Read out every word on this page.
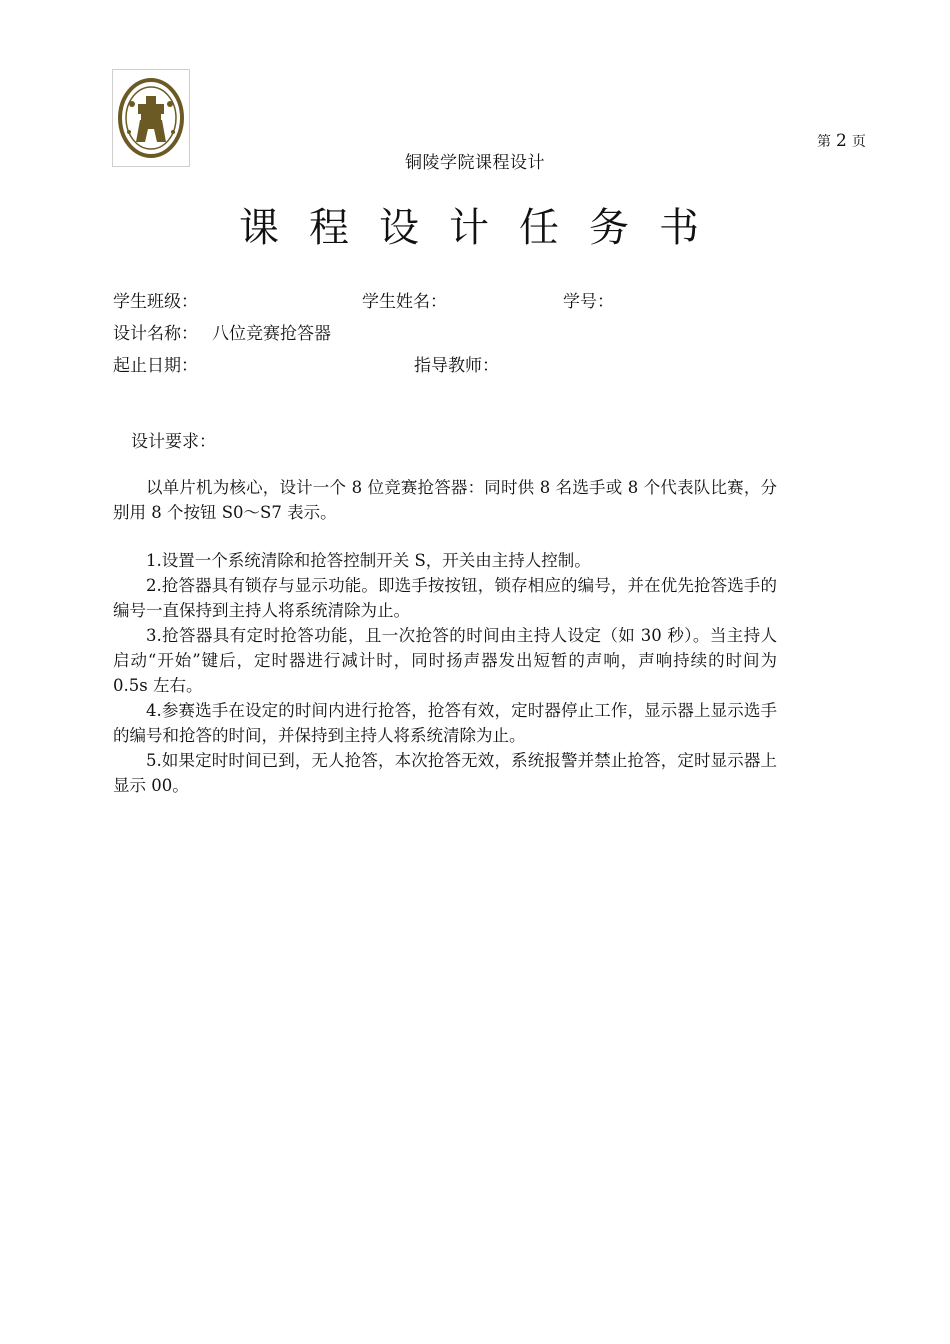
第 2 页
铜陵学院课程设计
课程设计任务书
学生班级：	学生姓名：	学号：
设计名称： 八位竞赛抢答器
起止日期：	指导教师：
设计要求：

以单片机为核心，设计一个 8 位竞赛抢答器：同时供 8 名选手或 8 个代表队比赛，分别用 8 个按钮 S0～S7 表示。

1.设置一个系统清除和抢答控制开关 S，开关由主持人控制。

2.抢答器具有锁存与显示功能。即选手按按钮，锁存相应的编号，并在优先抢答选手的编号一直保持到主持人将系统清除为止。

3.抢答器具有定时抢答功能，且一次抢答的时间由主持人设定（如 30 秒）。当主持人启动“开始”键后，定时器进行减计时，同时扬声器发出短暂的声响，声响持续的时间为 0.5s 左右。

4.参赛选手在设定的时间内进行抢答，抢答有效，定时器停止工作，显示器上显示选手的编号和抢答的时间，并保持到主持人将系统清除为止。

5.如果定时时间已到，无人抢答，本次抢答无效，系统报警并禁止抢答，定时显示器上显示 00。
